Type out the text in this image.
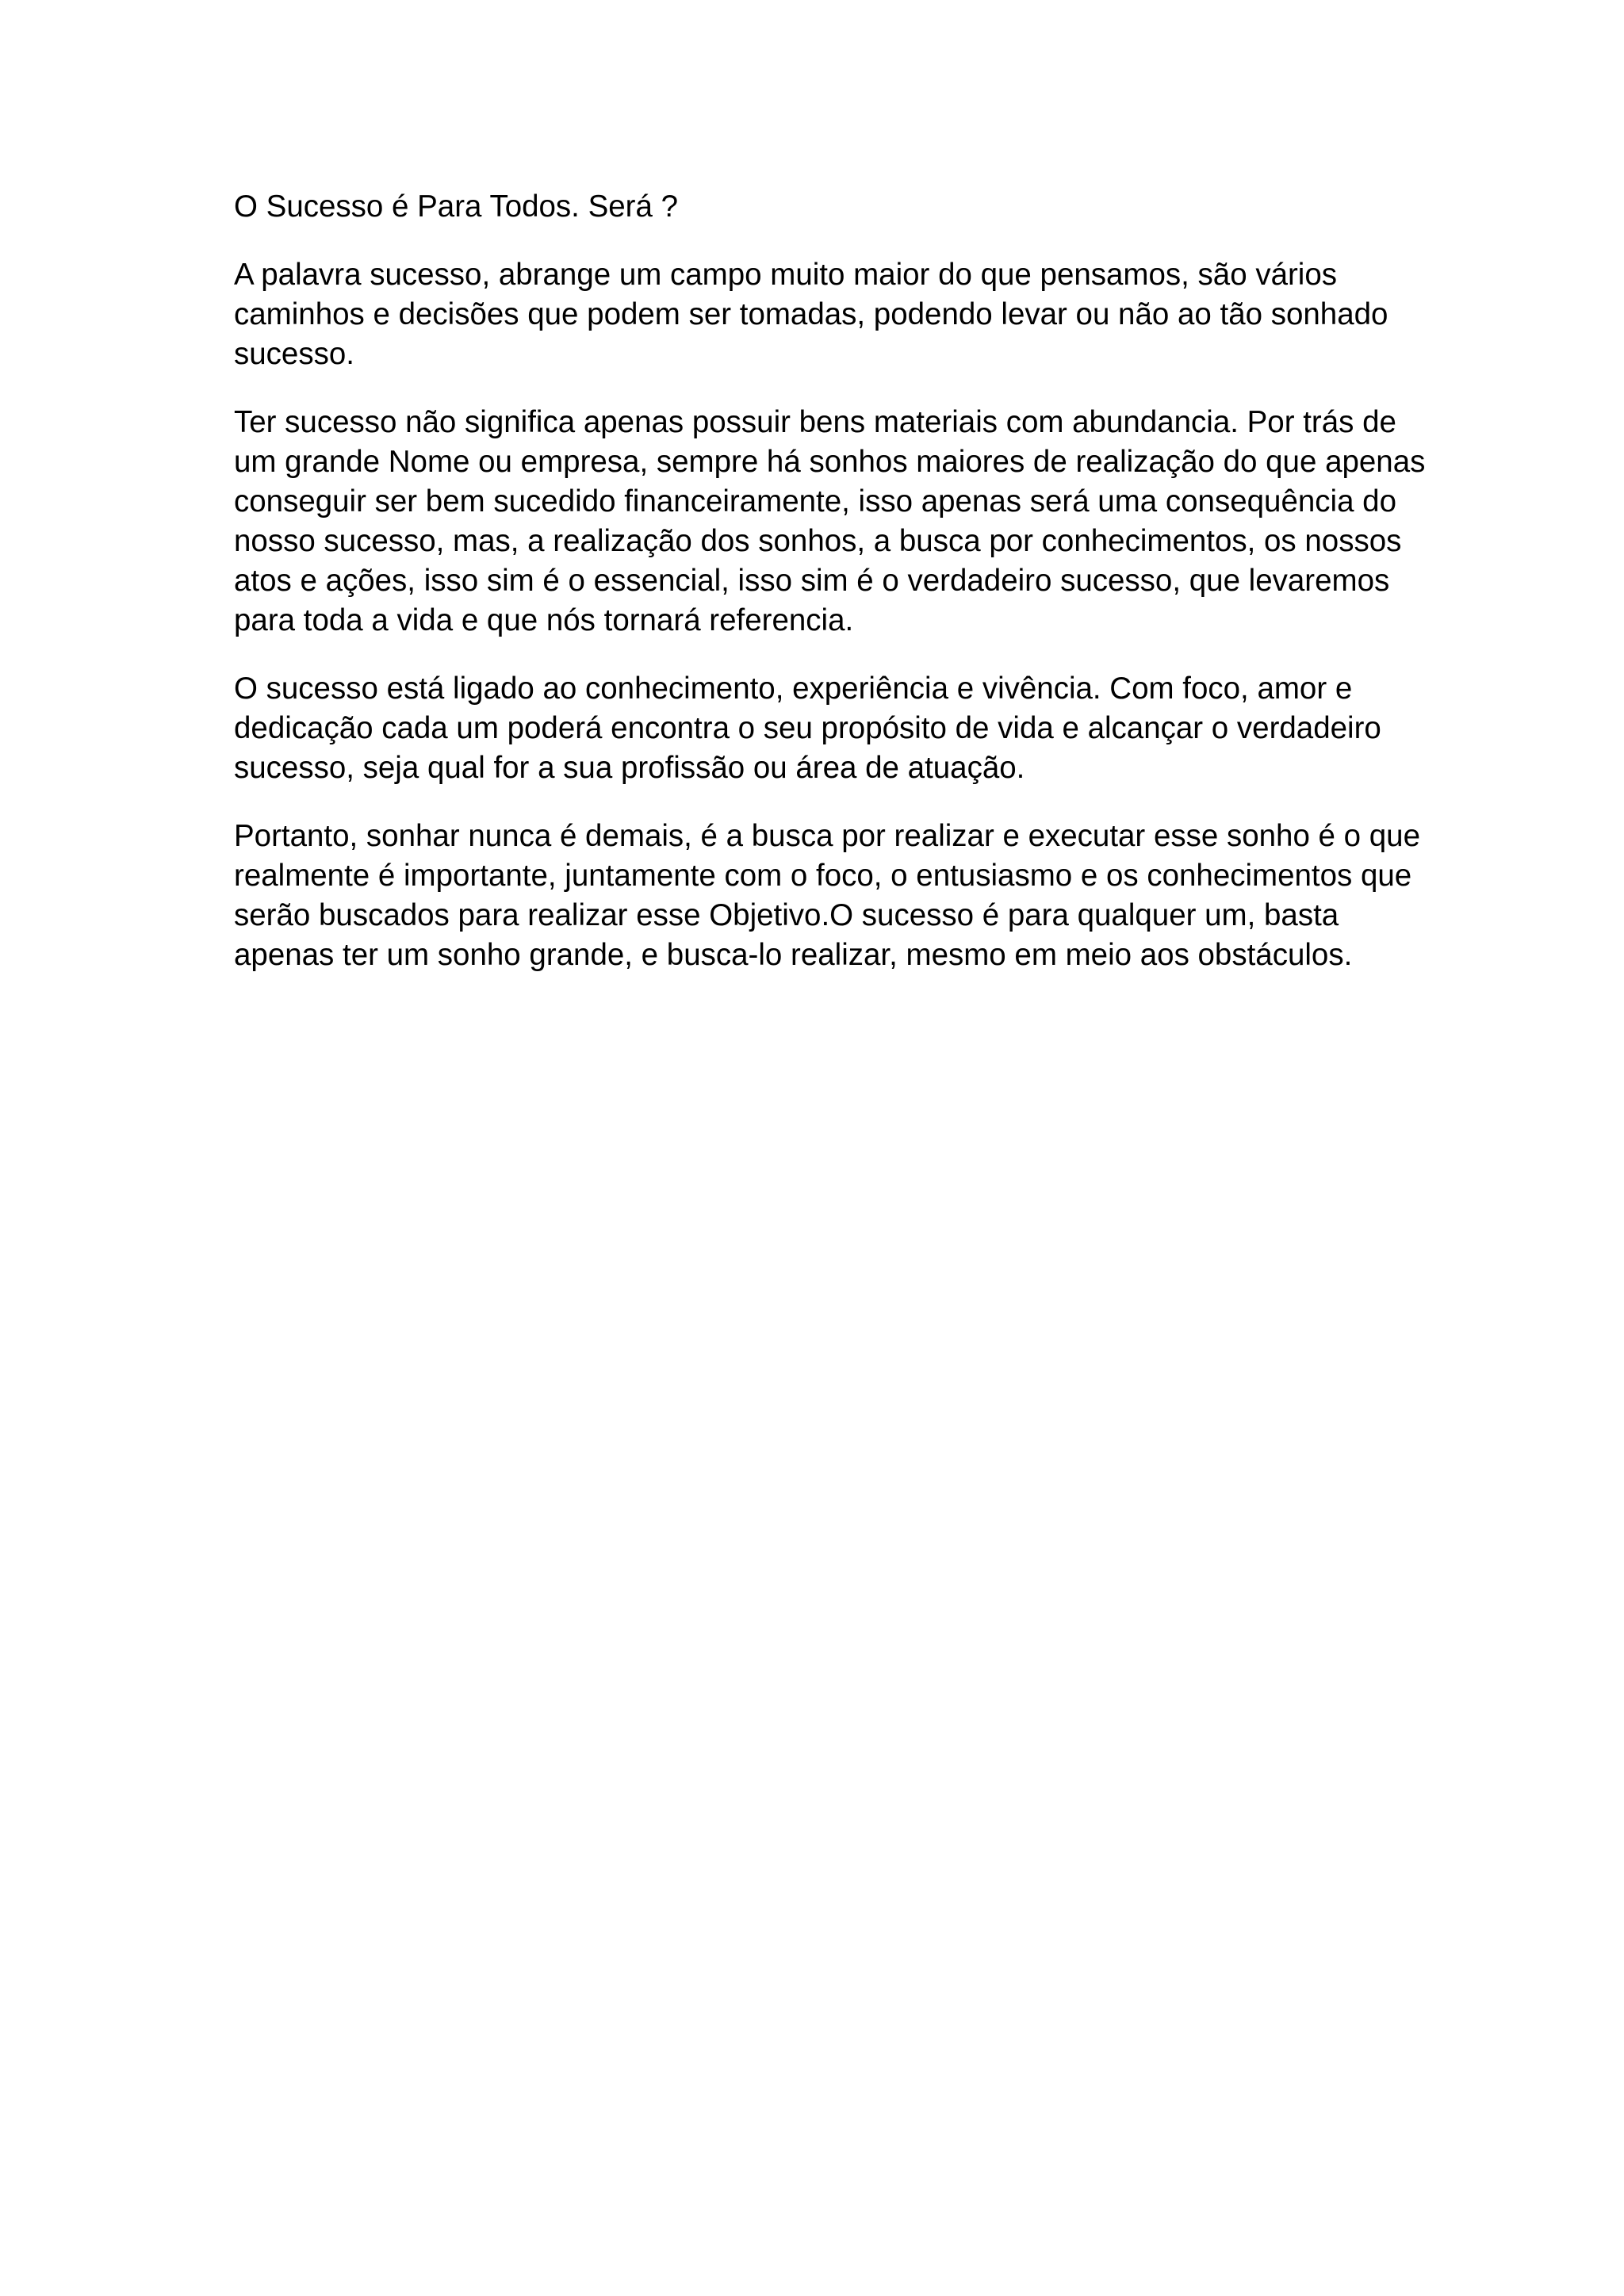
O Sucesso é Para Todos. Será ?

A palavra sucesso, abrange um campo muito maior do que pensamos, são vários caminhos e decisões que podem ser tomadas, podendo levar ou não ao tão sonhado sucesso.

Ter sucesso não significa apenas possuir bens materiais com abundancia. Por trás de um grande Nome ou empresa, sempre há sonhos maiores de realização do que apenas conseguir ser bem sucedido financeiramente, isso apenas será uma consequência do nosso sucesso, mas, a realização dos sonhos, a busca por conhecimentos, os nossos atos e ações, isso sim é o essencial, isso sim é o verdadeiro sucesso, que levaremos para toda a vida e que nós tornará referencia.

O sucesso está ligado ao conhecimento, experiência e vivência. Com foco, amor e dedicação cada um poderá encontra o seu propósito de vida e alcançar o verdadeiro sucesso, seja qual for a sua profissão ou área de atuação.

Portanto, sonhar nunca é demais, é a busca por realizar e executar esse sonho é o que realmente é importante, juntamente com o foco, o entusiasmo e os conhecimentos que serão buscados para realizar esse Objetivo.O sucesso é para qualquer um, basta apenas ter um sonho grande, e busca-lo realizar, mesmo em meio aos obstáculos.
